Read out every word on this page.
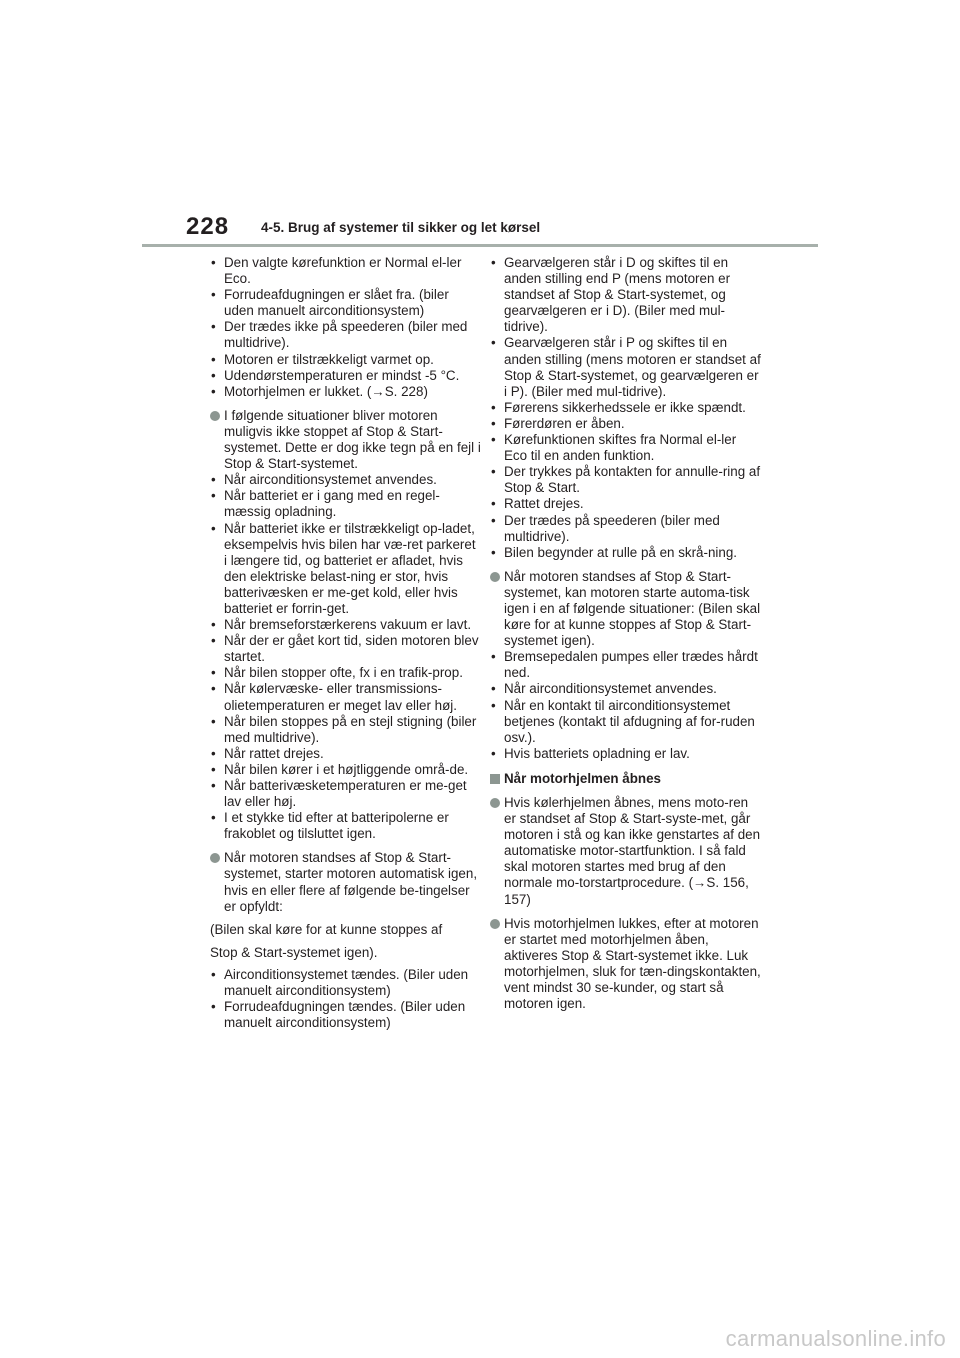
228 4-5. Brug af systemer til sikker og let kørsel
• Den valgte kørefunktion er Normal el-ler Eco.
• Forrudeafdugningen er slået fra. (biler uden manuelt airconditionsystem)
• Der trædes ikke på speederen (biler med multidrive).
• Motoren er tilstrækkeligt varmet op.
• Udendørstemperaturen er mindst -5 °C.
• Motorhjelmen er lukket. (→S. 228)
I følgende situationer bliver motoren muligvis ikke stoppet af Stop & Start-systemet. Dette er dog ikke tegn på en fejl i Stop & Start-systemet.
• Når airconditionsystemet anvendes.
• Når batteriet er i gang med en regel-mæssig opladning.
• Når batteriet ikke er tilstrækkeligt op-ladet, eksempelvis hvis bilen har væ-ret parkeret i længere tid, og batteriet er afladet, hvis den elektriske belast-ning er stor, hvis batterivæsken er me-get kold, eller hvis batteriet er forrin-get.
• Når bremseforstærkerens vakuum er lavt.
• Når der er gået kort tid, siden motoren blev startet.
• Når bilen stopper ofte, fx i en trafik-prop.
• Når kølervæske- eller transmissions-olietemperaturen er meget lav eller høj.
• Når bilen stoppes på en stejl stigning (biler med multidrive).
• Når rattet drejes.
• Når bilen kører i et højtliggende områ-de.
• Når batterivæsketemperaturen er me-get lav eller høj.
• I et stykke tid efter at batteripolerne er frakoblet og tilsluttet igen.
Når motoren standses af Stop & Start-systemet, starter motoren automatisk igen, hvis en eller flere af følgende be-tingelser er opfyldt:
(Bilen skal køre for at kunne stoppes af
Stop & Start-systemet igen).
• Airconditionsystemet tændes. (Biler uden manuelt airconditionsystem)
• Forrudeafdugningen tændes. (Biler uden manuelt airconditionsystem)
• Gearvælgeren står i D og skiftes til en anden stilling end P (mens motoren er standset af Stop & Start-systemet, og gearvælgeren er i D). (Biler med mul-tidrive).
• Gearvælgeren står i P og skiftes til en anden stilling (mens motoren er standset af Stop & Start-systemet, og gearvælgeren er i P). (Biler med mul-tidrive).
• Førerens sikkerhedssele er ikke spændt.
• Førerdøren er åben.
• Kørefunktionen skiftes fra Normal el-ler Eco til en anden funktion.
• Der trykkes på kontakten for annulle-ring af Stop & Start.
• Rattet drejes.
• Der trædes på speederen (biler med multidrive).
• Bilen begynder at rulle på en skrå-ning.
Når motoren standses af Stop & Start-systemet, kan motoren starte automa-tisk igen i en af følgende situationer: (Bilen skal køre for at kunne stoppes af Stop & Start-systemet igen).
• Bremsepedalen pumpes eller trædes hårdt ned.
• Når airconditionsystemet anvendes.
• Når en kontakt til airconditionsystemet betjenes (kontakt til afdugning af for-ruden osv.).
• Hvis batteriets opladning er lav.
Når motorhjelmen åbnes
Hvis kølerhjelmen åbnes, mens moto-ren er standset af Stop & Start-syste-met, går motoren i stå og kan ikke genstartes af den automatiske motor-startfunktion. I så fald skal motoren startes med brug af den normale mo-torstartprocedure. (→S. 156, 157)
Hvis motorhjelmen lukkes, efter at motoren er startet med motorhjelmen åben, aktiveres Stop & Start-systemet ikke. Luk motorhjelmen, sluk for tæn-dingskontakten, vent mindst 30 se-kunder, og start så motoren igen.
carmanualsonline.info
